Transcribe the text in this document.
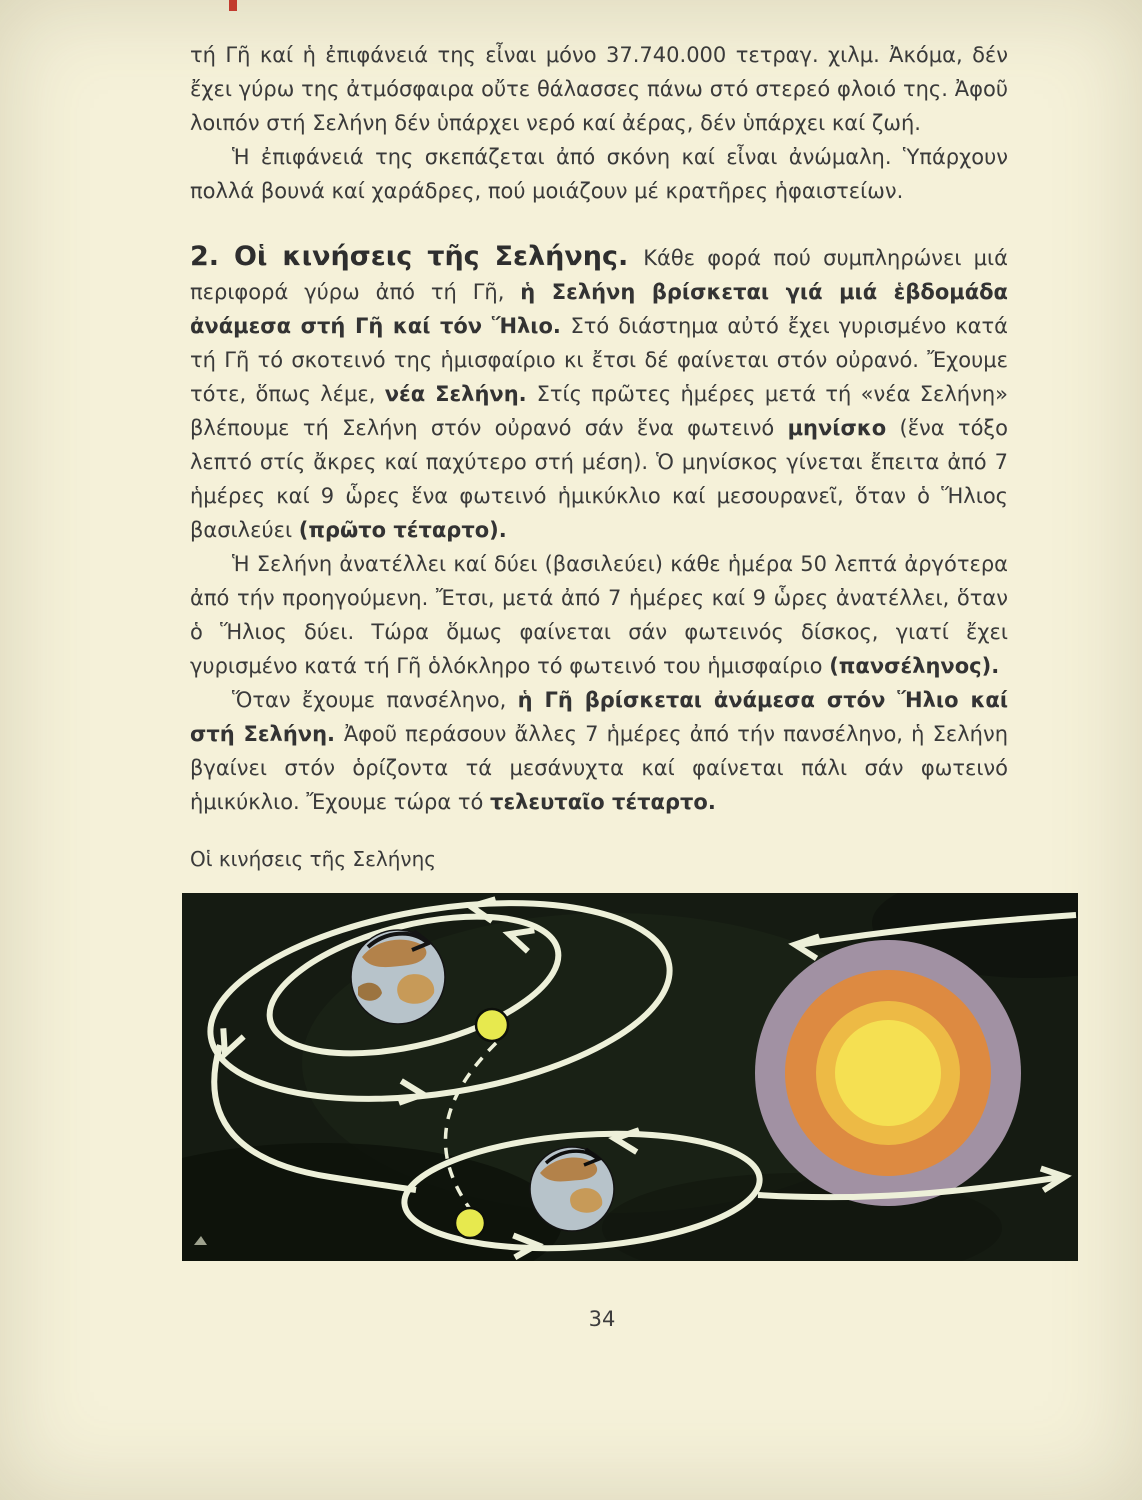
τή Γῆ καί ἡ ἐπιφάνειά της εἶναι μόνο 37.740.000 τετραγ. χιλμ. Ἀκόμα, δέν ἔχει γύρω της ἀτμόσφαιρα οὔτε θάλασσες πάνω στό στερεό φλοιό της. Ἀφοῦ λοιπόν στή Σελήνη δέν ὑπάρχει νερό καί ἀέρας, δέν ὑπάρχει καί ζωή.

Ἡ ἐπιφάνειά της σκεπάζεται ἀπό σκόνη καί εἶναι ἀνώμαλη. Ὑπάρχουν πολλά βουνά καί χαράδρες, πού μοιάζουν μέ κρατῆρες ἡφαιστείων.

2. Οἱ κινήσεις τῆς Σελήνης. Κάθε φορά πού συμπληρώνει μιά περιφορά γύρω ἀπό τή Γῆ, ἡ Σελήνη βρίσκεται γιά μιά ἑβδομάδα ἀνάμεσα στή Γῆ καί τόν Ἥλιο. Στό διάστημα αὐτό ἔχει γυρισμένο κατά τή Γῆ τό σκοτεινό της ἡμισφαίριο κι ἔτσι δέ φαίνεται στόν οὐρανό. Ἔχουμε τότε, ὅπως λέμε, νέα Σελήνη. Στίς πρῶτες ἡμέρες μετά τή «νέα Σελήνη» βλέπουμε τή Σελήνη στόν οὐρανό σάν ἕνα φωτεινό μηνίσκο (ἕνα τόξο λεπτό στίς ἄκρες καί παχύτερο στή μέση). Ὁ μηνίσκος γίνεται ἔπειτα ἀπό 7 ἡμέρες καί 9 ὧρες ἕνα φωτεινό ἡμικύκλιο καί μεσουρανεῖ, ὅταν ὁ Ἥλιος βασιλεύει (πρῶτο τέταρτο).

Ἡ Σελήνη ἀνατέλλει καί δύει (βασιλεύει) κάθε ἡμέρα 50 λεπτά ἀργότερα ἀπό τήν προηγούμενη. Ἔτσι, μετά ἀπό 7 ἡμέρες καί 9 ὧρες ἀνατέλλει, ὅταν ὁ Ἥλιος δύει. Τώρα ὅμως φαίνεται σάν φωτεινός δίσκος, γιατί ἔχει γυρισμένο κατά τή Γῆ ὁλόκληρο τό φωτεινό του ἡμισφαίριο (πανσέληνος).

Ὅταν ἔχουμε πανσέληνο, ἡ Γῆ βρίσκεται ἀνάμεσα στόν Ἥλιο καί στή Σελήνη. Ἀφοῦ περάσουν ἄλλες 7 ἡμέρες ἀπό τήν πανσέληνο, ἡ Σελήνη βγαίνει στόν ὁρίζοντα τά μεσάνυχτα καί φαίνεται πάλι σάν φωτεινό ἡμικύκλιο. Ἔχουμε τώρα τό τελευταῖο τέταρτο.

Οἱ κινήσεις τῆς Σελήνης

34
